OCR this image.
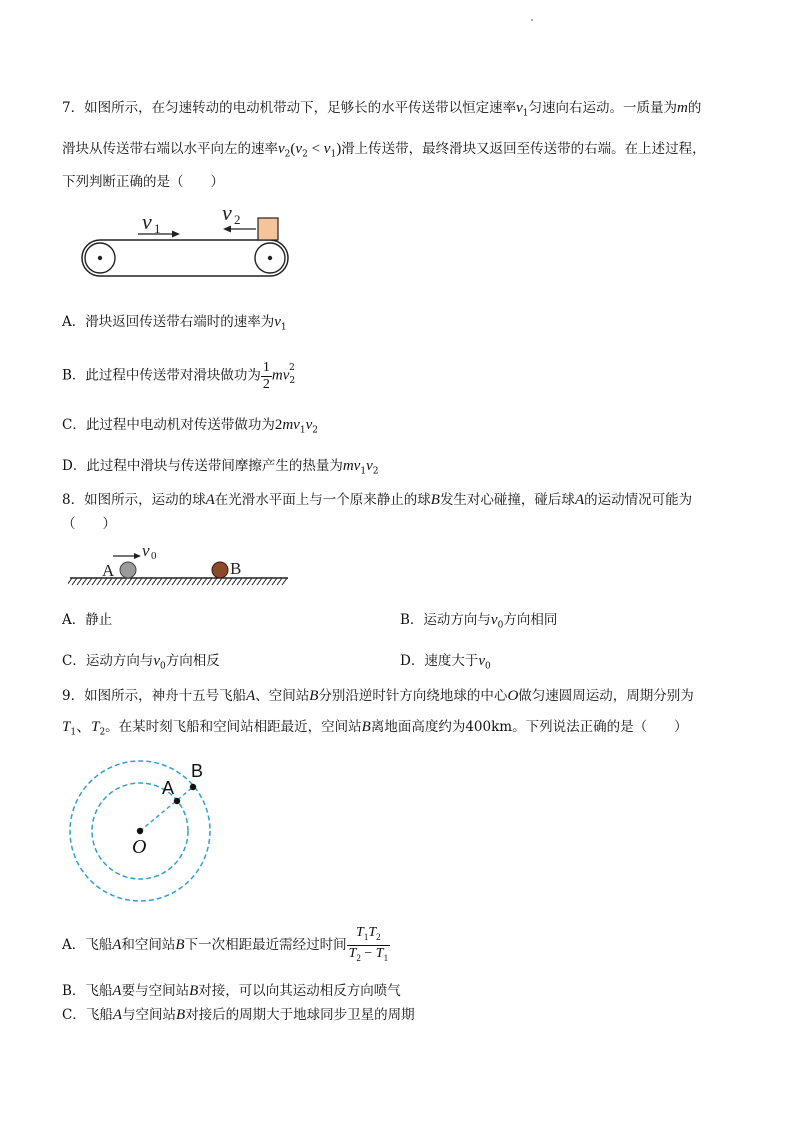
7．如图所示，在匀速转动的电动机带动下，足够长的水平传送带以恒定速率$v_1$匀速向右运动。一质量为m的
滑块从传送带右端以水平向左的速率$v_2(v_2 < v_1)$滑上传送带，最终滑块又返回至传送带的右端。在上述过程，
下列判断正确的是（　　）
v 1
v 2
A．滑块返回传送带右端时的速率为$v_1$
B．此过程中传送带对滑块做功为 $\frac{1}{2} mv_2^2$
C．此过程中电动机对传送带做功为$2mv_1v_2$
D．此过程中滑块与传送带间摩擦产生的热量为$mv_1v_2$
8．如图所示，运动的球A在光滑水平面上与一个原来静止的球B发生对心碰撞，碰后球A的运动情况可能为
（　　）
A	B
v 0
A．静止	B．运动方向与$v_0$方向相同
C．运动方向与$v_0$方向相反	D．速度大于$v_0$
9．如图所示，神舟十五号飞船A、空间站B分别沿逆时针方向绕地球的中心O做匀速圆周运动，周期分别为
$T_1$、$T_2$。在某时刻飞船和空间站相距最近，空间站B离地面高度约为400km。下列说法正确的是（　　）
A
B
O
A．飞船A和空间站B下一次相距最近需经过时间 $\frac{T_1T_2}{T_2 - T_1}$
B．飞船A要与空间站B对接，可以向其运动相反方向喷气
C．飞船A与空间站B对接后的周期大于地球同步卫星的周期
